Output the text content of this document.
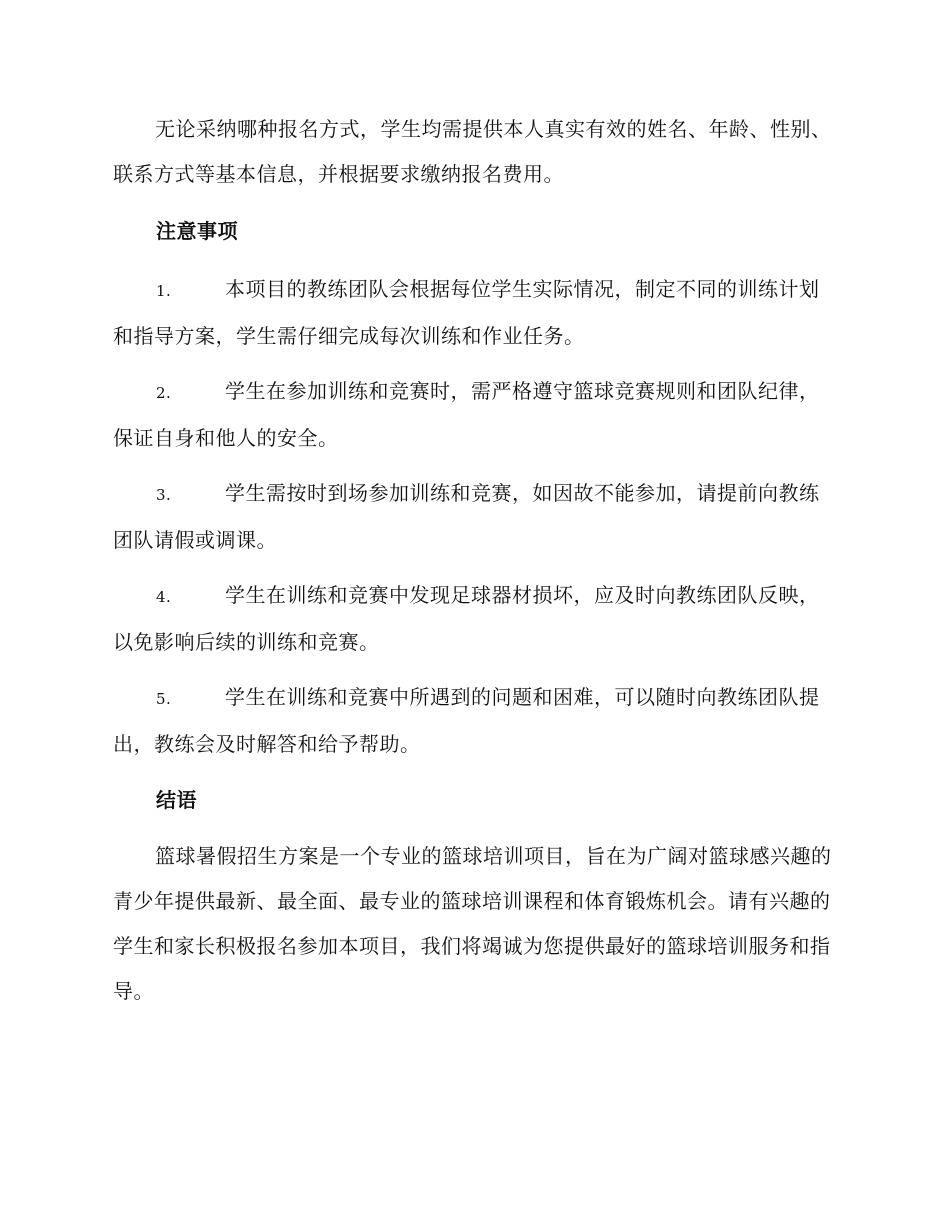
无论采纳哪种报名方式，学生均需提供本人真实有效的姓名、年龄、性别、联系方式等基本信息，并根据要求缴纳报名费用。

注意事项

1.	本项目的教练团队会根据每位学生实际情况，制定不同的训练计划和指导方案，学生需仔细完成每次训练和作业任务。

2.	学生在参加训练和竞赛时，需严格遵守篮球竞赛规则和团队纪律，保证自身和他人的安全。

3.	学生需按时到场参加训练和竞赛，如因故不能参加，请提前向教练团队请假或调课。

4.	学生在训练和竞赛中发现足球器材损坏，应及时向教练团队反映，以免影响后续的训练和竞赛。

5.	学生在训练和竞赛中所遇到的问题和困难，可以随时向教练团队提出，教练会及时解答和给予帮助。

结语

篮球暑假招生方案是一个专业的篮球培训项目，旨在为广阔对篮球感兴趣的青少年提供最新、最全面、最专业的篮球培训课程和体育锻炼机会。请有兴趣的学生和家长积极报名参加本项目，我们将竭诚为您提供最好的篮球培训服务和指导。
